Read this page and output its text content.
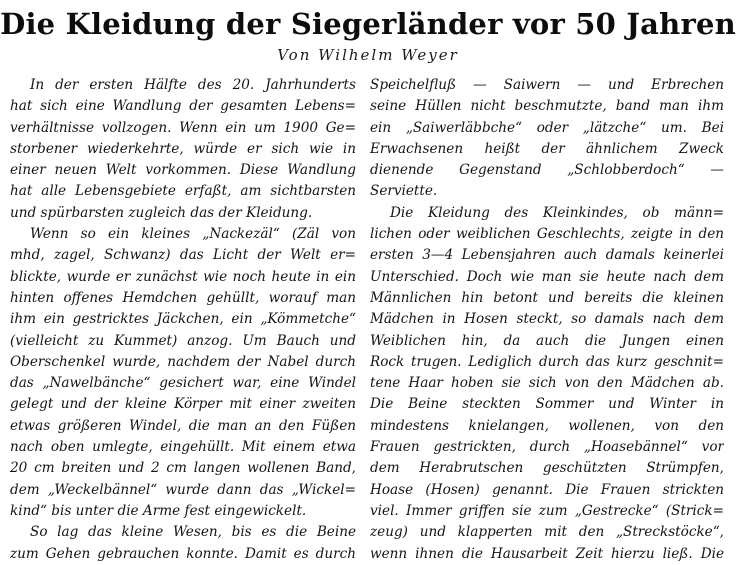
Die Kleidung der Siegerländer vor 50 Jahren
Von Wilhelm Weyer
In der ersten Hälfte des 20. Jahrhunderts
hat sich eine Wandlung der gesamten Lebens=
verhältnisse vollzogen. Wenn ein um 1900 Ge=
storbener wiederkehrte, würde er sich wie in
einer neuen Welt vorkommen. Diese Wandlung
hat alle Lebensgebiete erfaßt, am sichtbarsten
und spürbarsten zugleich das der Kleidung.
Wenn so ein kleines „Nackezäl“ (Zäl von
mhd, zagel, Schwanz) das Licht der Welt er=
blickte, wurde er zunächst wie noch heute in ein
hinten offenes Hemdchen gehüllt, worauf man
ihm ein gestricktes Jäckchen, ein „Kömmetche“
(vielleicht zu Kummet) anzog. Um Bauch und
Oberschenkel wurde, nachdem der Nabel durch
das „Nawelbänche“ gesichert war, eine Windel
gelegt und der kleine Körper mit einer zweiten
etwas größeren Windel, die man an den Füßen
nach oben umlegte, eingehüllt. Mit einem etwa
20 cm breiten und 2 cm langen wollenen Band,
dem „Weckelbännel“ wurde dann das „Wickel=
kind“ bis unter die Arme fest eingewickelt.
So lag das kleine Wesen, bis es die Beine
zum Gehen gebrauchen konnte. Damit es durch
Speichelfluß — Saiwern — und Erbrechen
seine Hüllen nicht beschmutzte, band man ihm
ein „Saiwerläbbche“ oder „lätzche“ um. Bei
Erwachsenen heißt der ähnlichem Zweck
dienende Gegenstand „Schlobberdoch“ —
Serviette.
Die Kleidung des Kleinkindes, ob männ=
lichen oder weiblichen Geschlechts, zeigte in den
ersten 3—4 Lebensjahren auch damals keinerlei
Unterschied. Doch wie man sie heute nach dem
Männlichen hin betont und bereits die kleinen
Mädchen in Hosen steckt, so damals nach dem
Weiblichen hin, da auch die Jungen einen
Rock trugen. Lediglich durch das kurz geschnit=
tene Haar hoben sie sich von den Mädchen ab.
Die Beine steckten Sommer und Winter in
mindestens knielangen, wollenen, von den
Frauen gestrickten, durch „Hoasebännel“ vor
dem Herabrutschen geschützten Strümpfen,
Hoase (Hosen) genannt. Die Frauen strickten
viel. Immer griffen sie zum „Gestrecke“ (Strick=
zeug) und klapperten mit den „Streckstöcke“,
wenn ihnen die Hausarbeit Zeit hierzu ließ. Die
